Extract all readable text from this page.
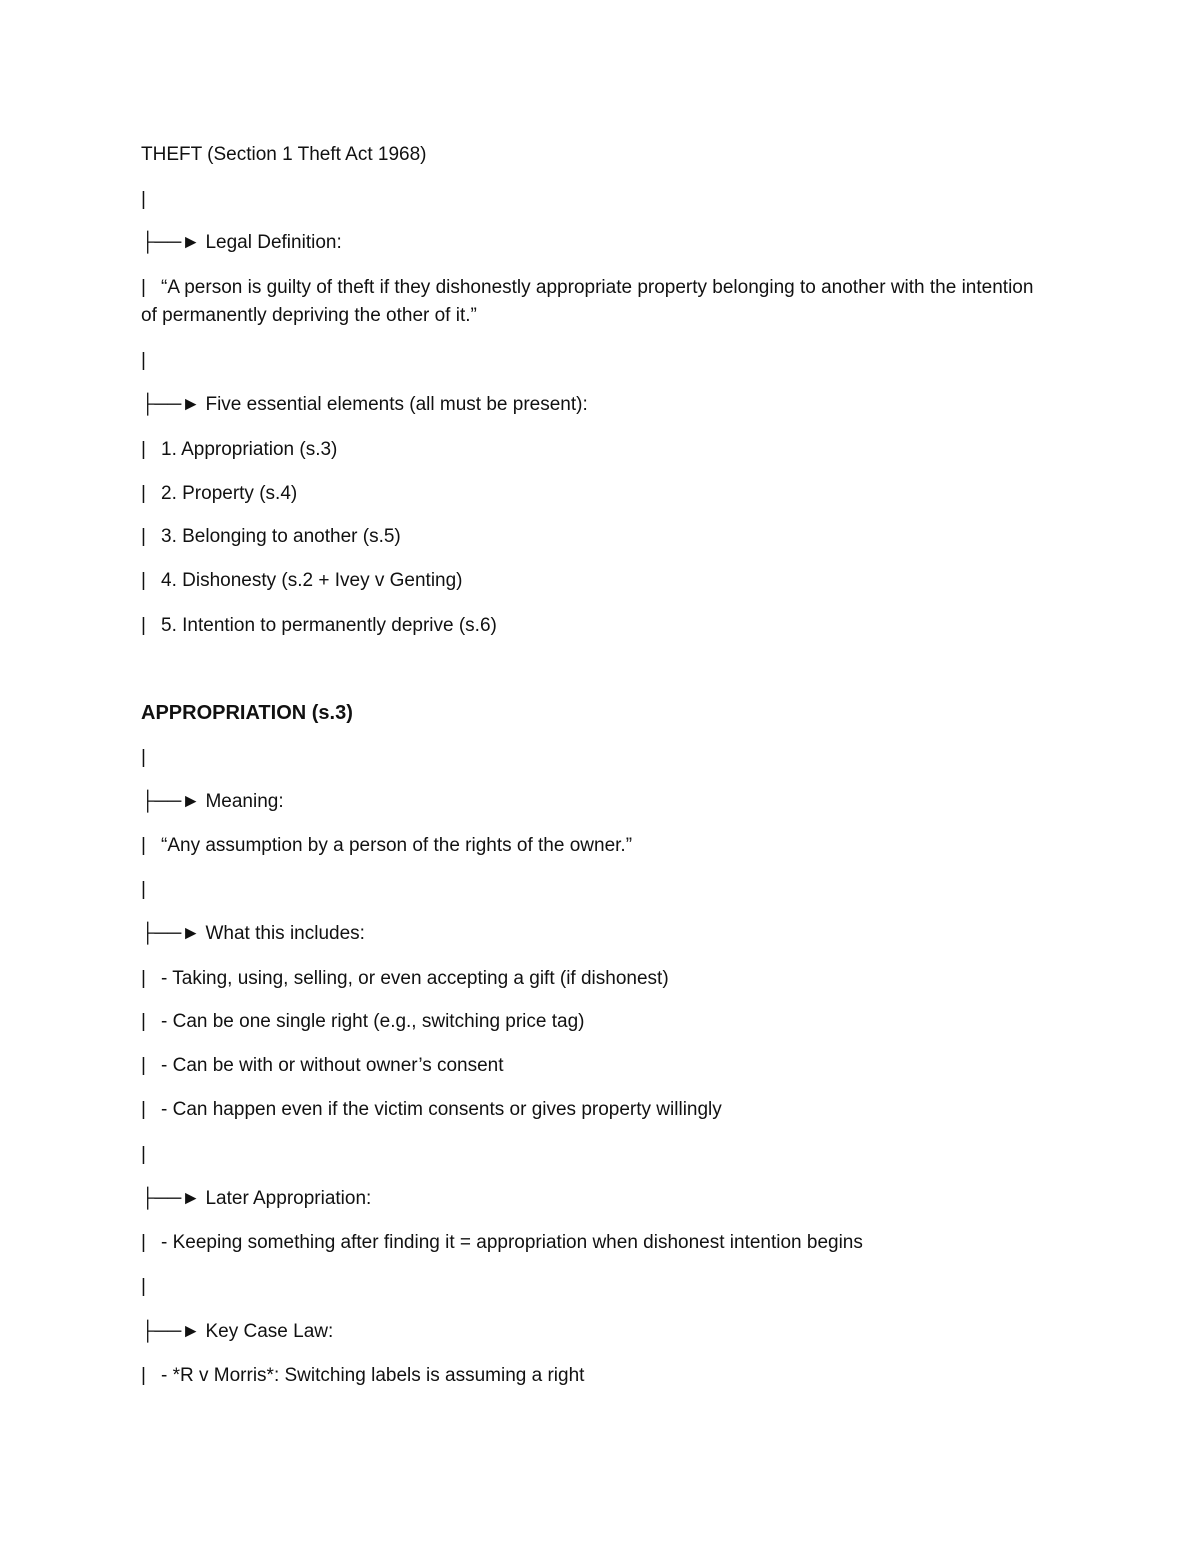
THEFT (Section 1 Theft Act 1968)
|
├──► Legal Definition:
| “A person is guilty of theft if they dishonestly appropriate property belonging to another with the intention of permanently depriving the other of it.”
|
├──► Five essential elements (all must be present):
| 1. Appropriation (s.3)
| 2. Property (s.4)
| 3. Belonging to another (s.5)
| 4. Dishonesty (s.2 + Ivey v Genting)
| 5. Intention to permanently deprive (s.6)
APPROPRIATION (s.3)
|
├──► Meaning:
| “Any assumption by a person of the rights of the owner.”
|
├──► What this includes:
| - Taking, using, selling, or even accepting a gift (if dishonest)
| - Can be one single right (e.g., switching price tag)
| - Can be with or without owner’s consent
| - Can happen even if the victim consents or gives property willingly
|
├──► Later Appropriation:
| - Keeping something after finding it = appropriation when dishonest intention begins
|
├──► Key Case Law:
| - *R v Morris*: Switching labels is assuming a right
